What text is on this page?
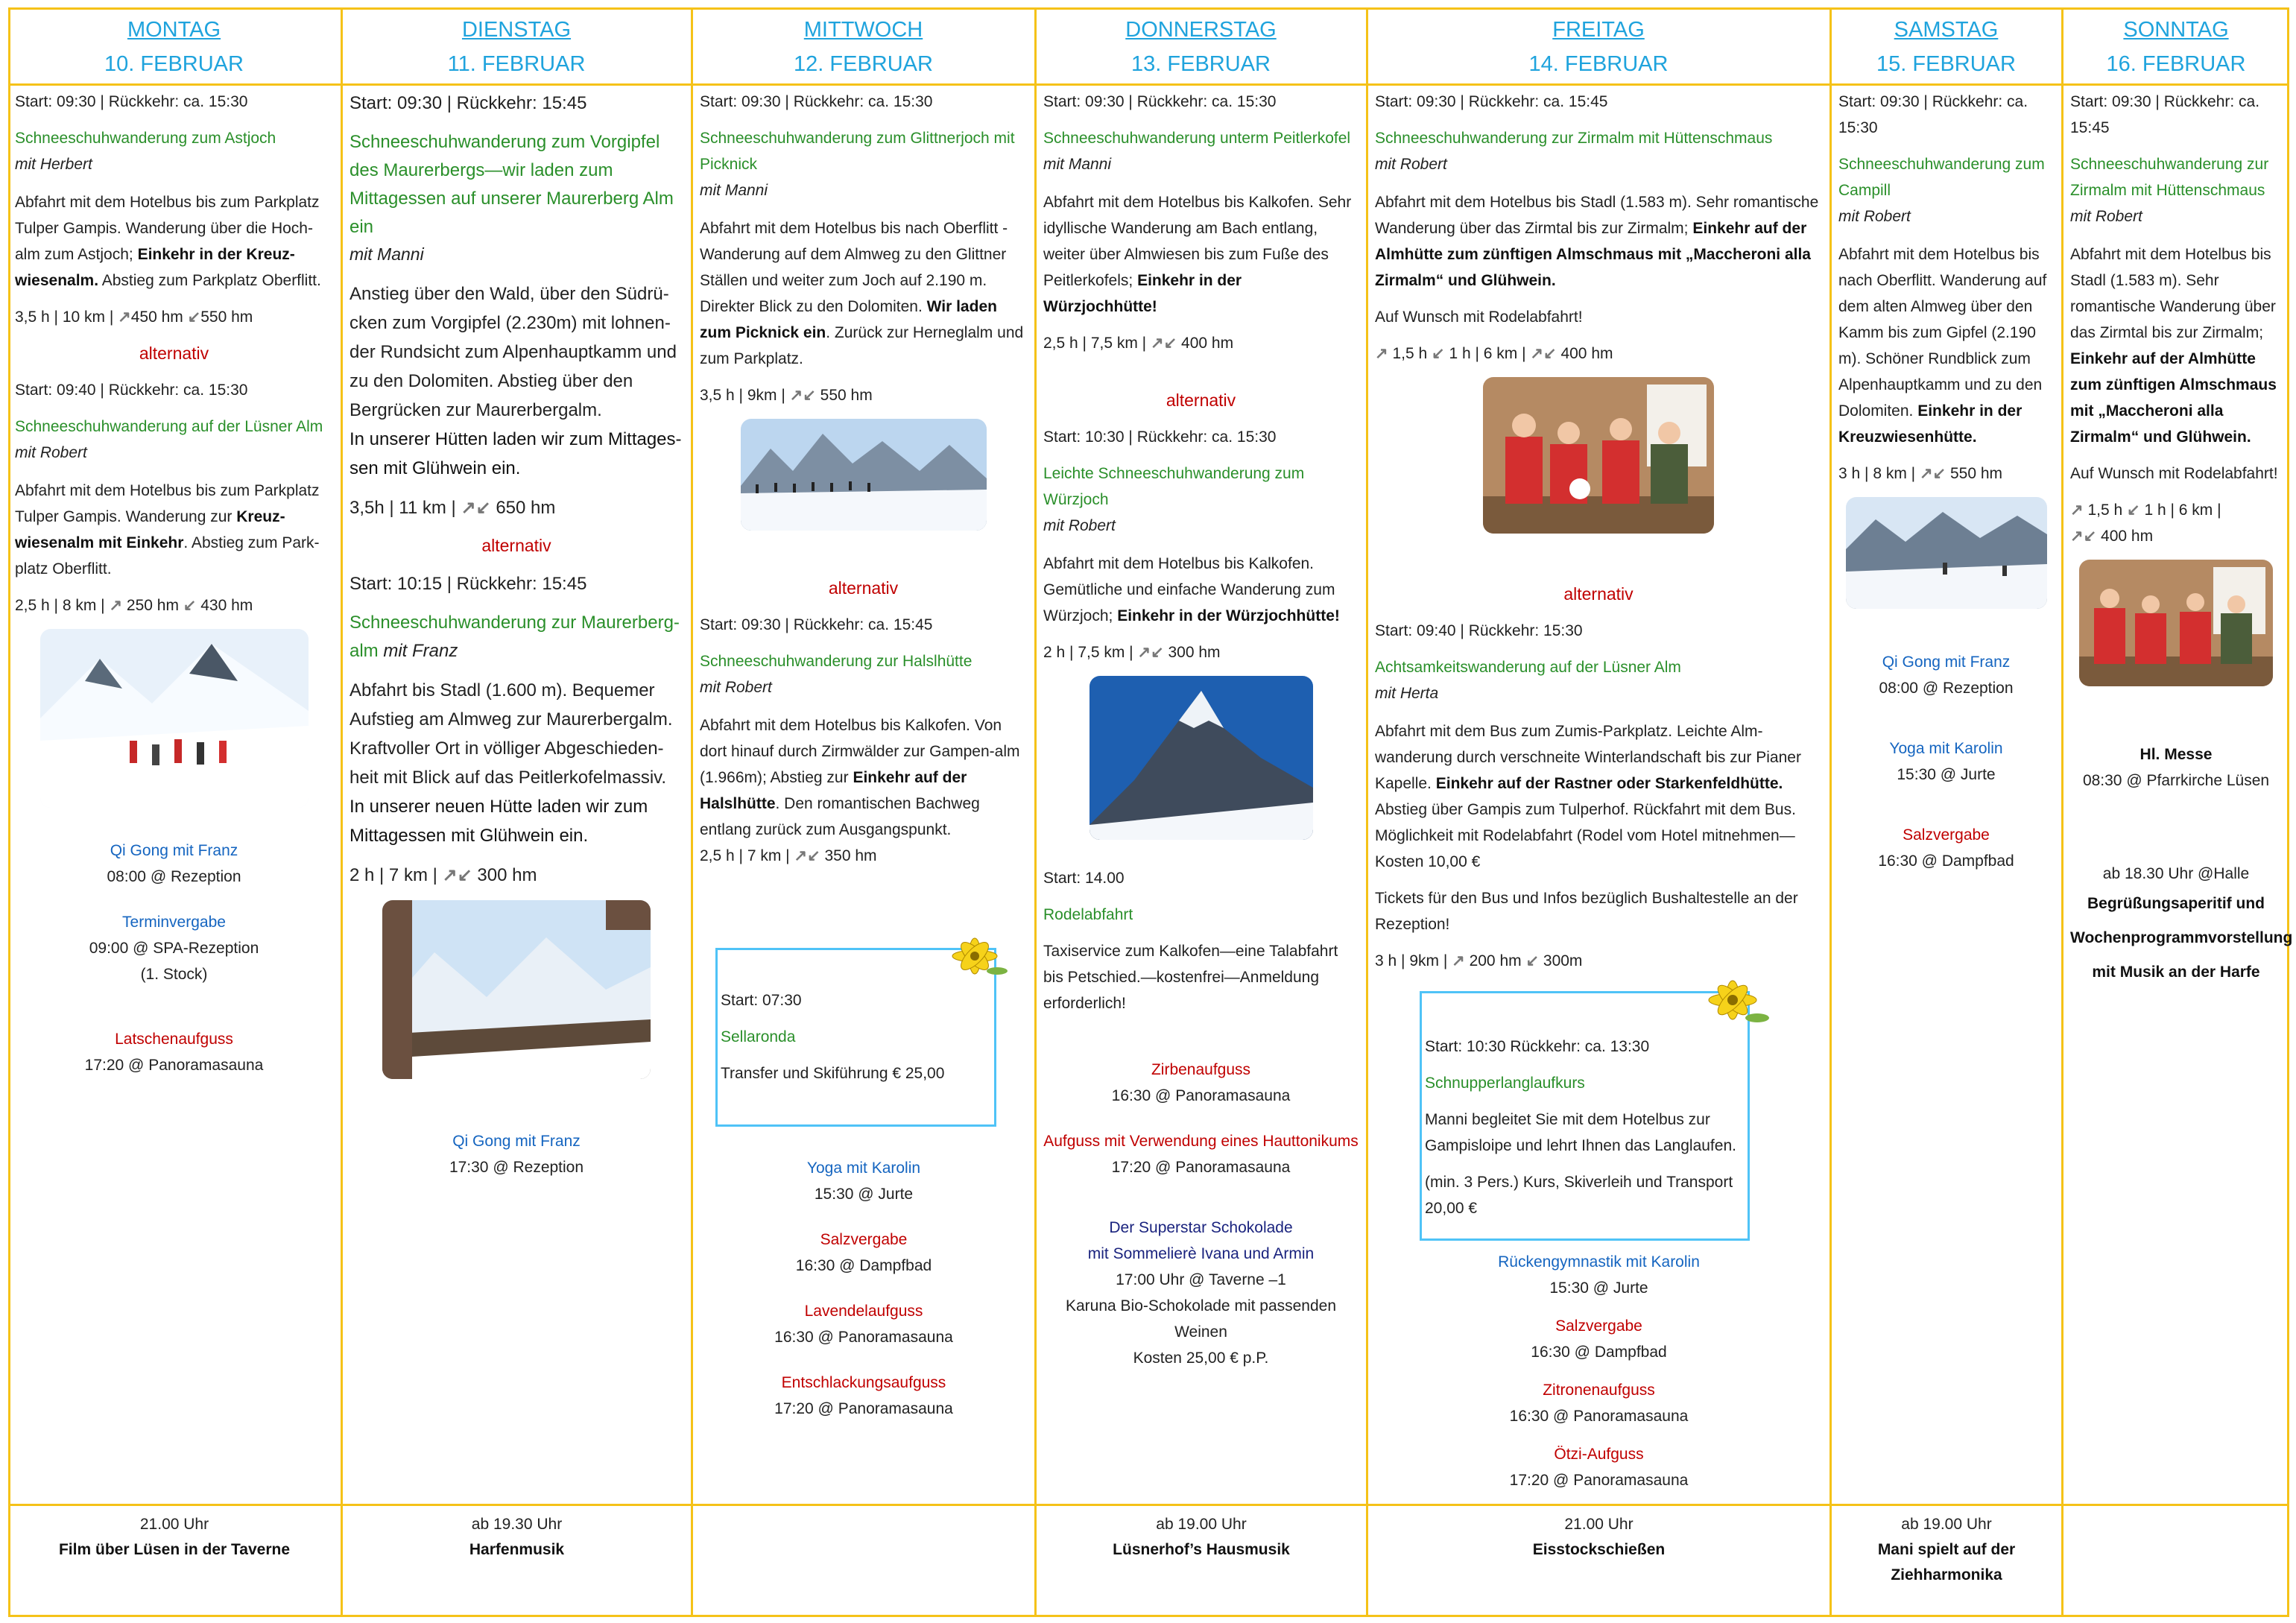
MONTAG
10. FEBRUAR

Start: 09:30 | Rückkehr: ca. 15:30

Schneeschuhwanderung zum Astjoch

mit Herbert

Abfahrt mit dem Hotelbus bis zum Parkplatz Tulper Gampis. Wanderung über die Hoch-alm zum Astjoch; Einkehr in der Kreuz-wiesenalm. Abstieg zum Parkplatz Oberflitt.

3,5 h | 10 km | ↗450 hm ↙550 hm

alternativ

Start: 09:40 | Rückkehr: ca. 15:30

Schneeschuhwanderung auf der Lüsner Alm

mit Robert

Abfahrt mit dem Hotelbus bis zum Parkplatz Tulper Gampis. Wanderung zur Kreuz-wiesenalm mit Einkehr. Abstieg zum Park-platz Oberflitt.

2,5 h | 8 km | ↗ 250 hm ↙ 430 hm

Qi Gong mit Franz

08:00 @ Rezeption

Terminvergabe

09:00 @ SPA-Rezeption

(1. Stock)

Latschenaufguss

17:20 @ Panoramasauna

DIENSTAG
11. FEBRUAR

Start: 09:30 | Rückkehr: 15:45

Schneeschuhwanderung zum Vorgipfel des Maurerbergs—wir laden zum Mittagessen auf unserer Maurerberg Alm ein

mit Manni

Anstieg über den Wald, über den Südrü-cken zum Vorgipfel (2.230m) mit lohnen-der Rundsicht zum Alpenhauptkamm und zu den Dolomiten. Abstieg über den Bergrücken zur Maurerbergalm.

In unserer Hütten laden wir zum Mittages-sen mit Glühwein ein.

3,5h | 11 km | ↗↙ 650 hm

alternativ

Start: 10:15 | Rückkehr: 15:45

Schneeschuhwanderung zur Maurerberg-alm mit Franz

Abfahrt bis Stadl (1.600 m). Bequemer Aufstieg am Almweg zur Maurerbergalm. Kraftvoller Ort in völliger Abgeschieden-heit mit Blick auf das Peitlerkofelmassiv.

In unserer neuen Hütte laden wir zum Mittagessen mit Glühwein ein.

2 h | 7 km | ↗↙ 300 hm

Qi Gong mit Franz

17:30 @ Rezeption

MITTWOCH
12. FEBRUAR

Start: 09:30 | Rückkehr: ca. 15:30

Schneeschuhwanderung zum Glittnerjoch mit Picknick

mit Manni

Abfahrt mit dem Hotelbus bis nach Oberflitt - Wanderung auf dem Almweg zu den Glittner Ställen und weiter zum Joch auf 2.190 m. Direkter Blick zu den Dolomiten. Wir laden zum Picknick ein. Zurück zur Herneglalm und zum Parkplatz.

3,5 h | 9km | ↗↙ 550 hm

alternativ

Start: 09:30 | Rückkehr: ca. 15:45

Schneeschuhwanderung zur Halslhütte

mit Robert

Abfahrt mit dem Hotelbus bis Kalkofen. Von dort hinauf durch Zirmwälder zur Gampen-alm (1.966m); Abstieg zur Einkehr auf der Halslhütte. Den romantischen Bachweg entlang zurück zum Ausgangspunkt.

2,5 h | 7 km | ↗↙ 350 hm

Start: 07:30

Sellaronda

Transfer und Skiführung € 25,00

Yoga mit Karolin

15:30 @ Jurte

Salzvergabe

16:30 @ Dampfbad

Lavendelaufguss

16:30 @ Panoramasauna

Entschlackungsaufguss

17:20 @ Panoramasauna

DONNERSTAG
13. FEBRUAR

Start: 09:30 | Rückkehr: ca. 15:30

Schneeschuhwanderung unterm Peitlerkofel

mit Manni

Abfahrt mit dem Hotelbus bis Kalkofen. Sehr idyllische Wanderung am Bach entlang, weiter über Almwiesen bis zum Fuße des Peitlerkofels; Einkehr in der Würzjochhütte!

2,5 h | 7,5 km | ↗↙ 400 hm

alternativ

Start: 10:30 | Rückkehr: ca. 15:30

Leichte Schneeschuhwanderung zum Würzjoch

mit Robert

Abfahrt mit dem Hotelbus bis Kalkofen. Gemütliche und einfache Wanderung zum Würzjoch; Einkehr in der Würzjochhütte!

2 h | 7,5 km | ↗↙ 300 hm

Start: 14.00

Rodelabfahrt

Taxiservice zum Kalkofen—eine Talabfahrt bis Petschied.—kostenfrei—Anmeldung erforderlich!

Zirbenaufguss

16:30 @ Panoramasauna

Aufguss mit Verwendung eines Hauttonikums

17:20 @ Panoramasauna

Der Superstar Schokolade

mit Sommelierè Ivana und Armin

17:00 Uhr @ Taverne –1

Karuna Bio-Schokolade mit passenden Weinen

Kosten 25,00 € p.P.

FREITAG
14. FEBRUAR

Start: 09:30 | Rückkehr: ca. 15:45

Schneeschuhwanderung zur Zirmalm mit Hüttenschmaus

mit Robert

Abfahrt mit dem Hotelbus bis Stadl (1.583 m). Sehr romantische Wanderung über das Zirmtal bis zur Zirmalm; Einkehr auf der Almhütte zum zünftigen Almschmaus mit „Maccheroni alla Zirmalm“ und Glühwein.

Auf Wunsch mit Rodelabfahrt!

↗ 1,5 h ↙ 1 h | 6 km | ↗↙ 400 hm

alternativ

Start: 09:40 | Rückkehr: 15:30

Achtsamkeitswanderung auf der Lüsner Alm

mit Herta

Abfahrt mit dem Bus zum Zumis-Parkplatz. Leichte Alm-wanderung durch verschneite Winterlandschaft bis zur Pianer Kapelle. Einkehr auf der Rastner oder Starkenfeldhütte. Abstieg über Gampis zum Tulperhof. Rückfahrt mit dem Bus. Möglichkeit mit Rodelabfahrt (Rodel vom Hotel mitnehmen—Kosten 10,00 €

Tickets für den Bus und Infos bezüglich Bushaltestelle an der Rezeption!

3 h | 9km | ↗ 200 hm ↙ 300m

Start: 10:30 Rückkehr: ca. 13:30

Schnupperlanglaufkurs

Manni begleitet Sie mit dem Hotelbus zur Gampisloipe und lehrt Ihnen das Langlaufen.

(min. 3 Pers.) Kurs, Skiverleih und Transport 20,00 €

Rückengymnastik mit Karolin

15:30 @ Jurte

Salzvergabe

16:30 @ Dampfbad

Zitronenaufguss

16:30 @ Panoramasauna

Ötzi-Aufguss

17:20 @ Panoramasauna

SAMSTAG
15. FEBRUAR

Start: 09:30 | Rückkehr: ca. 15:30

Schneeschuhwanderung zum Campill

mit Robert

Abfahrt mit dem Hotelbus bis nach Oberflitt. Wanderung auf dem alten Almweg über den Kamm bis zum Gipfel (2.190 m). Schöner Rundblick zum Alpenhauptkamm und zu den Dolomiten. Einkehr in der Kreuzwiesenhütte.

3 h | 8 km | ↗↙ 550 hm

Qi Gong mit Franz

08:00 @ Rezeption

Yoga mit Karolin

15:30 @ Jurte

Salzvergabe

16:30 @ Dampfbad

SONNTAG
16. FEBRUAR

Start: 09:30 | Rückkehr: ca. 15:45

Schneeschuhwanderung zur Zirmalm mit Hüttenschmaus

mit Robert

Abfahrt mit dem Hotelbus bis Stadl (1.583 m). Sehr romantische Wanderung über das Zirmtal bis zur Zirmalm; Einkehr auf der Almhütte zum zünftigen Almschmaus mit „Maccheroni alla Zirmalm“ und Glühwein.

Auf Wunsch mit Rodelabfahrt!

↗ 1,5 h ↙ 1 h | 6 km |
↗↙ 400 hm

Hl. Messe

08:30 @ Pfarrkirche Lüsen

ab 18.30 Uhr @Halle

Begrüßungsaperitif und

Wochenprogrammvorstellung

mit Musik an der Harfe

21.00 Uhr

Film über Lüsen in der Taverne

ab 19.30 Uhr

Harfenmusik

ab 19.00 Uhr

Lüsnerhof’s Hausmusik

21.00 Uhr

Eisstockschießen

ab 19.00 Uhr

Mani spielt auf der

Ziehharmonika
